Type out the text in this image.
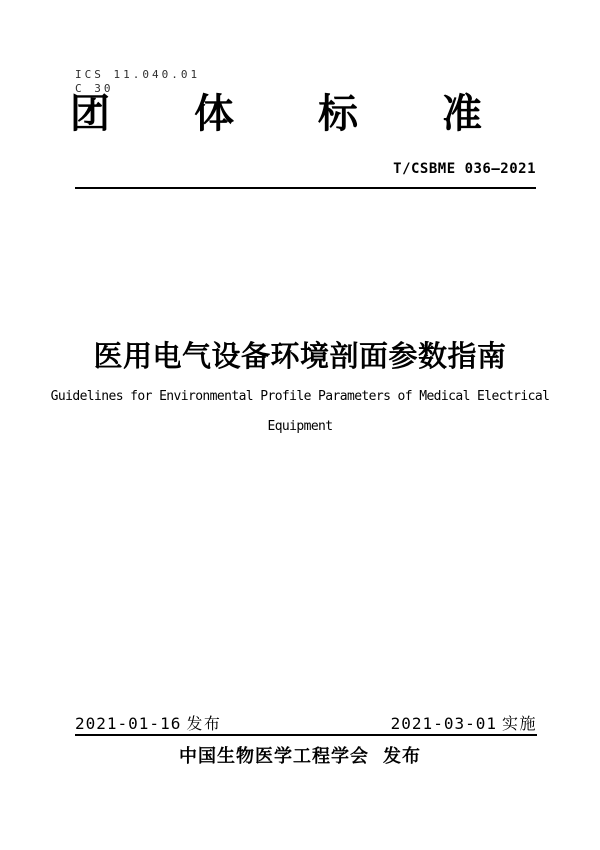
ICS 11.040.01
C 30
团 体 标 准
T/CSBME 036—2021
医用电气设备环境剖面参数指南
Guidelines for Environmental Profile Parameters of Medical Electrical
Equipment
2021-01-16 发布	2021-03-01 实施
中国生物医学工程学会 发布
